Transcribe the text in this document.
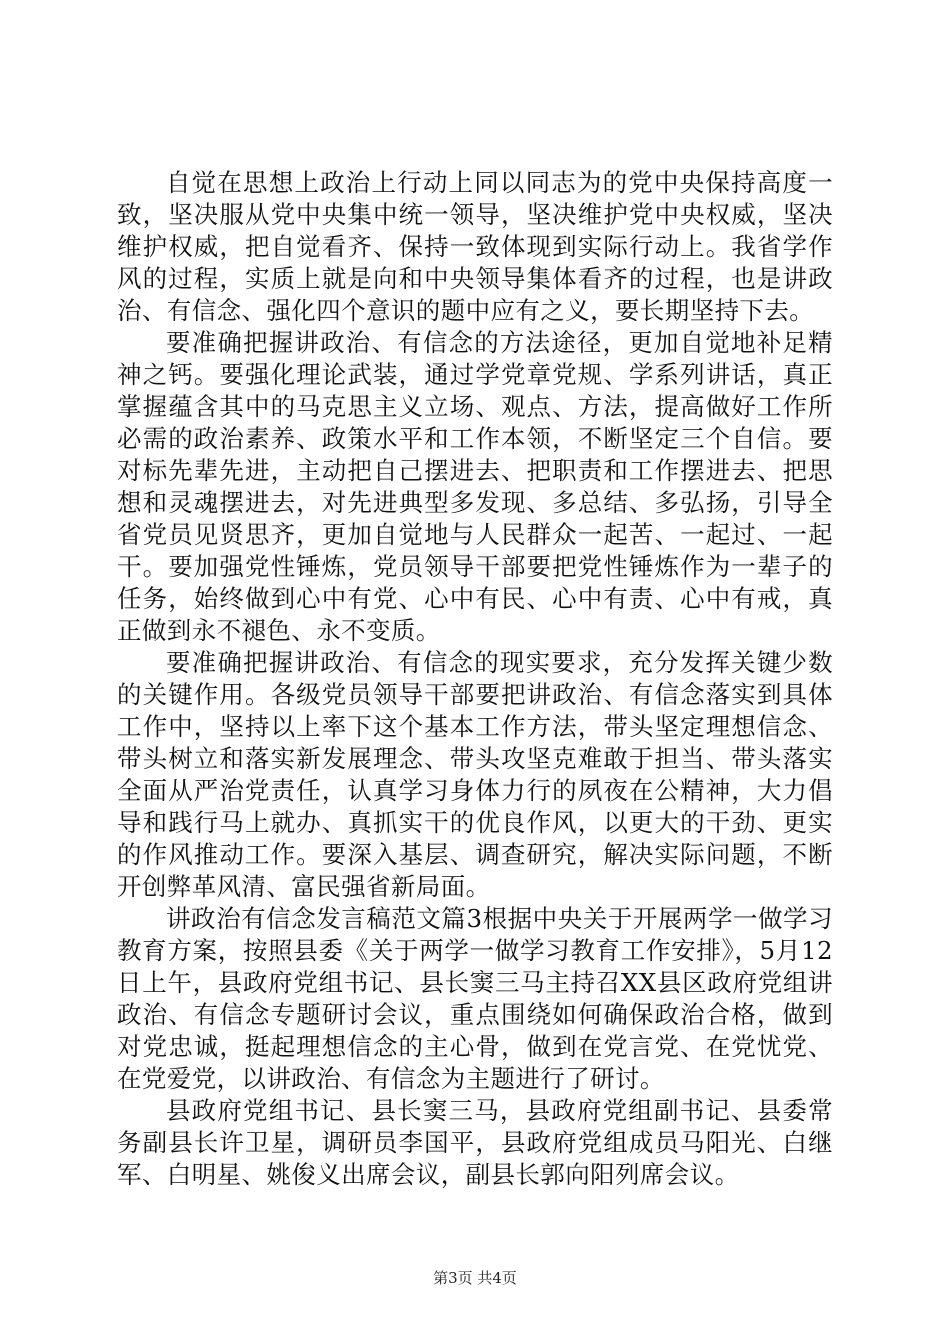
自觉在思想上政治上行动上同以同志为的党中央保持高度一致，坚决服从党中央集中统一领导，坚决维护党中央权威，坚决维护权威，把自觉看齐、保持一致体现到实际行动上。我省学作风的过程，实质上就是向和中央领导集体看齐的过程，也是讲政治、有信念、强化四个意识的题中应有之义，要长期坚持下去。

要准确把握讲政治、有信念的方法途径，更加自觉地补足精神之钙。要强化理论武装，通过学党章党规、学系列讲话，真正掌握蕴含其中的马克思主义立场、观点、方法，提高做好工作所必需的政治素养、政策水平和工作本领，不断坚定三个自信。要对标先辈先进，主动把自己摆进去、把职责和工作摆进去、把思想和灵魂摆进去，对先进典型多发现、多总结、多弘扬，引导全省党员见贤思齐，更加自觉地与人民群众一起苦、一起过、一起干。要加强党性锤炼，党员领导干部要把党性锤炼作为一辈子的任务，始终做到心中有党、心中有民、心中有责、心中有戒，真正做到永不褪色、永不变质。

要准确把握讲政治、有信念的现实要求，充分发挥关键少数的关键作用。各级党员领导干部要把讲政治、有信念落实到具体工作中，坚持以上率下这个基本工作方法，带头坚定理想信念、带头树立和落实新发展理念、带头攻坚克难敢于担当、带头落实全面从严治党责任，认真学习身体力行的夙夜在公精神，大力倡导和践行马上就办、真抓实干的优良作风，以更大的干劲、更实的作风推动工作。要深入基层、调查研究，解决实际问题，不断开创弊革风清、富民强省新局面。

讲政治有信念发言稿范文篇3根据中央关于开展两学一做学习教育方案，按照县委《关于两学一做学习教育工作安排》，5月12日上午，县政府党组书记、县长窦三马主持召XX县区政府党组讲政治、有信念专题研讨会议，重点围绕如何确保政治合格，做到对党忠诚，挺起理想信念的主心骨，做到在党言党、在党忧党、在党爱党，以讲政治、有信念为主题进行了研讨。

县政府党组书记、县长窦三马，县政府党组副书记、县委常务副县长许卫星，调研员李国平，县政府党组成员马阳光、白继军、白明星、姚俊义出席会议，副县长郭向阳列席会议。

第3页 共4页
